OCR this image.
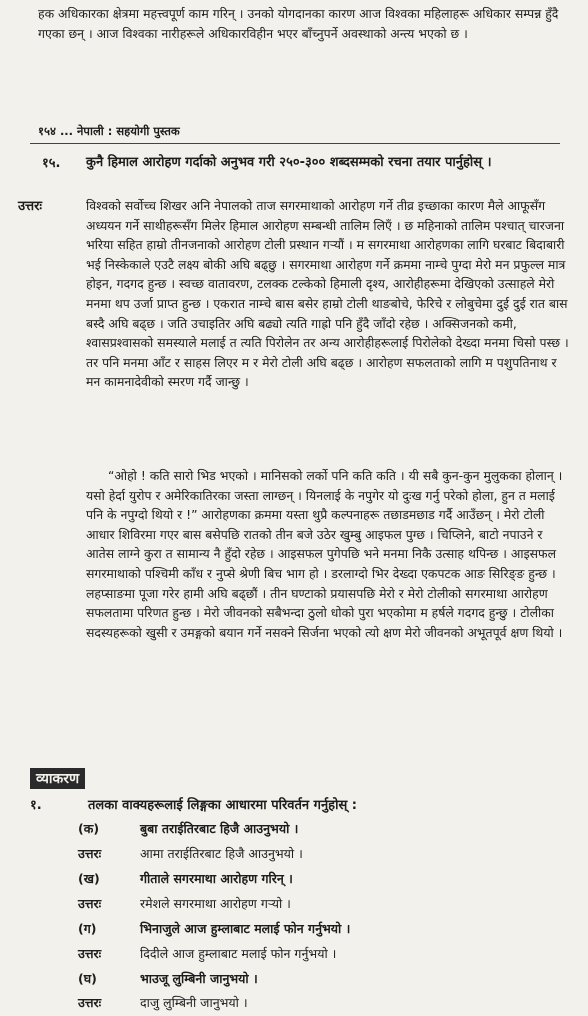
हक अधिकारका क्षेत्रमा महत्त्वपूर्ण काम गरिन् । उनको योगदानका कारण आज विश्वका महिलाहरू अधिकार सम्पन्न हुँदै गएका छन् । आज विश्वका नारीहरूले अधिकारविहीन भएर बाँच्नुपर्ने अवस्थाको अन्त्य भएको छ ।
१५४ ... नेपाली : सहयोगी पुस्तक
१५. कुनै हिमाल आरोहण गर्दाको अनुभव गरी २५०-३०० शब्दसम्मको रचना तयार पार्नुहोस् ।
उत्तरः	विश्वको सर्वोच्च शिखर अनि नेपालको ताज सगरमाथाको आरोहण गर्ने तीव्र इच्छाका कारण मैले आफूसँग अध्ययन गर्ने साथीहरूसँग मिलेर हिमाल आरोहण सम्बन्धी तालिम लिएँ । छ महिनाको तालिम पश्चात् चारजना भरिया सहित हाम्रो तीनजनाको आरोहण टोली प्रस्थान गर्‍यौं । म सगरमाथा आरोहणका लागि घरबाट बिदाबारी भई निस्केकाले एउटै लक्ष्य बोकी अघि बढ्छु । सगरमाथा आरोहण गर्ने क्रममा नाम्चे पुग्दा मेरो मन प्रफुल्ल मात्र होइन, गदगद हुन्छ । स्वच्छ वातावरण, टलक्क टल्केको हिमाली दृश्य, आरोहीहरूमा देखिएको उत्साहले मेरो मनमा थप उर्जा प्राप्त हुन्छ । एकरात नाम्चे बास बसेर हाम्रो टोली थाङबोचे, फेरिचे र लोबुचेमा दुई दुई रात बास बस्दै अघि बढ्छ । जति उचाइतिर अघि बढ्यो त्यति गाह्रो पनि हुँदै जाँदो रहेछ । अक्सिजनको कमी, श्वासप्रश्वासको समस्याले मलाई त त्यति पिरोलेन तर अन्य आरोहीहरूलाई पिरोलेको देख्दा मनमा चिसो पस्छ । तर पनि मनमा आँट र साहस लिएर म र मेरो टोली अघि बढ्छ । आरोहण सफलताको लागि म पशुपतिनाथ र मन कामनादेवीको स्मरण गर्दै जान्छु ।
“ओहो ! कति सारो भिड भएको । मानिसको लर्को पनि कति कति । यी सबै कुन-कुन मुलुकका होलान् । यसो हेर्दा युरोप र अमेरिकातिरका जस्ता लाग्छन् । यिनलाई के नपुगेर यो दुःख गर्नु परेको होला, हुन त मलाई पनि के नपुग्दो थियो र !” आरोहणका क्रममा यस्ता थुप्रै कल्पनाहरू तछाडमछाड गर्दै आउँछन् । मेरो टोली आधार शिविरमा गएर बास बसेपछि रातको तीन बजे उठेर खुम्बु आइफल पुग्छ । चिप्लिने, बाटो नपाउने र आतेस लाग्ने कुरा त सामान्य नै हुँदो रहेछ । आइसफल पुगेपछि भने मनमा निकै उत्साह थपिन्छ । आइसफल सगरमाथाको पश्चिमी काँध र नुप्से श्रेणी बिच भाग हो । डरलाग्दो भिर देख्दा एकपटक आङ सिरिङ्ङ हुन्छ । लहप्साङमा पूजा गरेर हामी अघि बढ्छौं । तीन घण्टाको प्रयासपछि मेरो र मेरो टोलीको सगरमाथा आरोहण सफलतामा परिणत हुन्छ । मेरो जीवनको सबैभन्दा ठुलो धोको पुरा भएकोमा म हर्षले गदगद हुन्छु । टोलीका सदस्यहरूको खुसी र उमङ्गको बयान गर्ने नसक्ने सिर्जना भएको त्यो क्षण मेरो जीवनको अभूतपूर्व क्षण थियो ।
व्याकरण
१.	तलका वाक्यहरूलाई लिङ्गका आधारमा परिवर्तन गर्नुहोस् :
(क)	बुबा तराईतिरबाट हिजै आउनुभयो ।
उत्तरः	आमा तराईतिरबाट हिजै आउनुभयो ।
(ख)	गीताले सगरमाथा आरोहण गरिन् ।
उत्तरः	रमेशले सगरमाथा आरोहण गर्‍यो ।
(ग)	भिनाजुले आज हुम्लाबाट मलाई फोन गर्नुभयो ।
उत्तरः	दिदीले आज हुम्लाबाट मलाई फोन गर्नुभयो ।
(घ)	भाउजू लुम्बिनी जानुभयो ।
उत्तरः	दाजु लुम्बिनी जानुभयो ।
